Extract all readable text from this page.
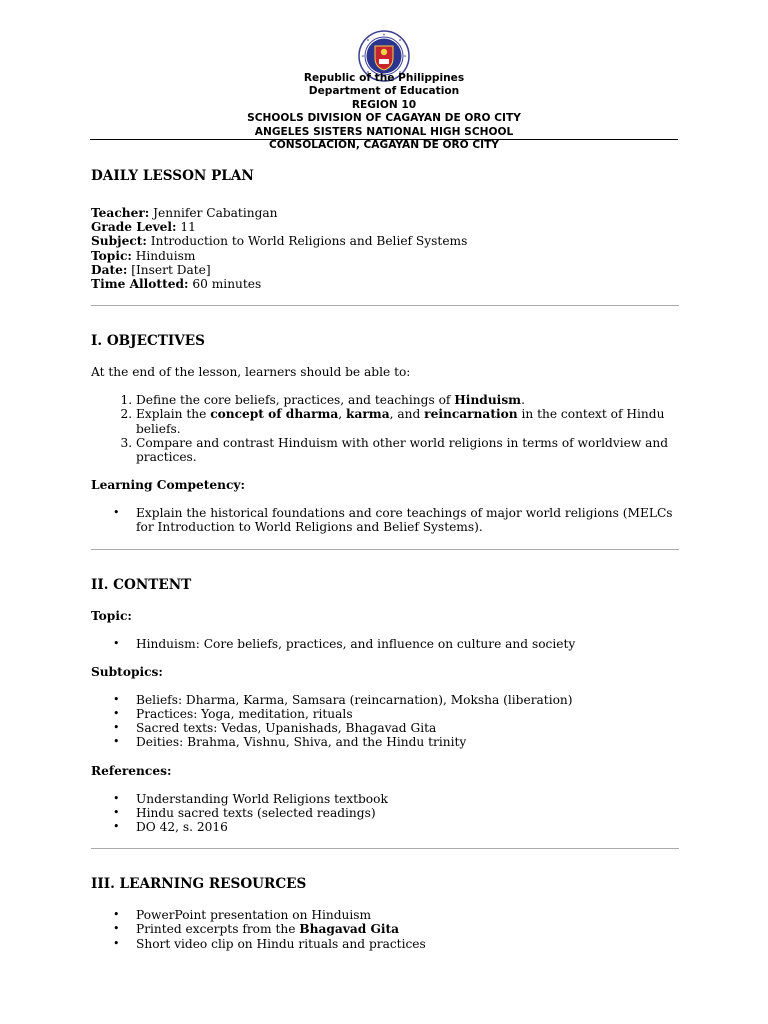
Republic of the Philippines
Department of Education
REGION 10
SCHOOLS DIVISION OF CAGAYAN DE ORO CITY
ANGELES SISTERS NATIONAL HIGH SCHOOL
CONSOLACION, CAGAYAN DE ORO CITY
DAILY LESSON PLAN
Teacher: Jennifer Cabatingan
Grade Level: 11
Subject: Introduction to World Religions and Belief Systems
Topic: Hinduism
Date: [Insert Date]
Time Allotted: 60 minutes
I. OBJECTIVES

At the end of the lesson, learners should be able to:

1. Define the core beliefs, practices, and teachings of Hinduism.
2. Explain the concept of dharma, karma, and reincarnation in the context of Hindu beliefs.
3. Compare and contrast Hinduism with other world religions in terms of worldview and practices.

Learning Competency:

• Explain the historical foundations and core teachings of major world religions (MELCs for Introduction to World Religions and Belief Systems).
II. CONTENT

Topic:

• Hinduism: Core beliefs, practices, and influence on culture and society

Subtopics:

• Beliefs: Dharma, Karma, Samsara (reincarnation), Moksha (liberation)
• Practices: Yoga, meditation, rituals
• Sacred texts: Vedas, Upanishads, Bhagavad Gita
• Deities: Brahma, Vishnu, Shiva, and the Hindu trinity

References:

• Understanding World Religions textbook
• Hindu sacred texts (selected readings)
• DO 42, s. 2016
III. LEARNING RESOURCES
• PowerPoint presentation on Hinduism
• Printed excerpts from the Bhagavad Gita
• Short video clip on Hindu rituals and practices
